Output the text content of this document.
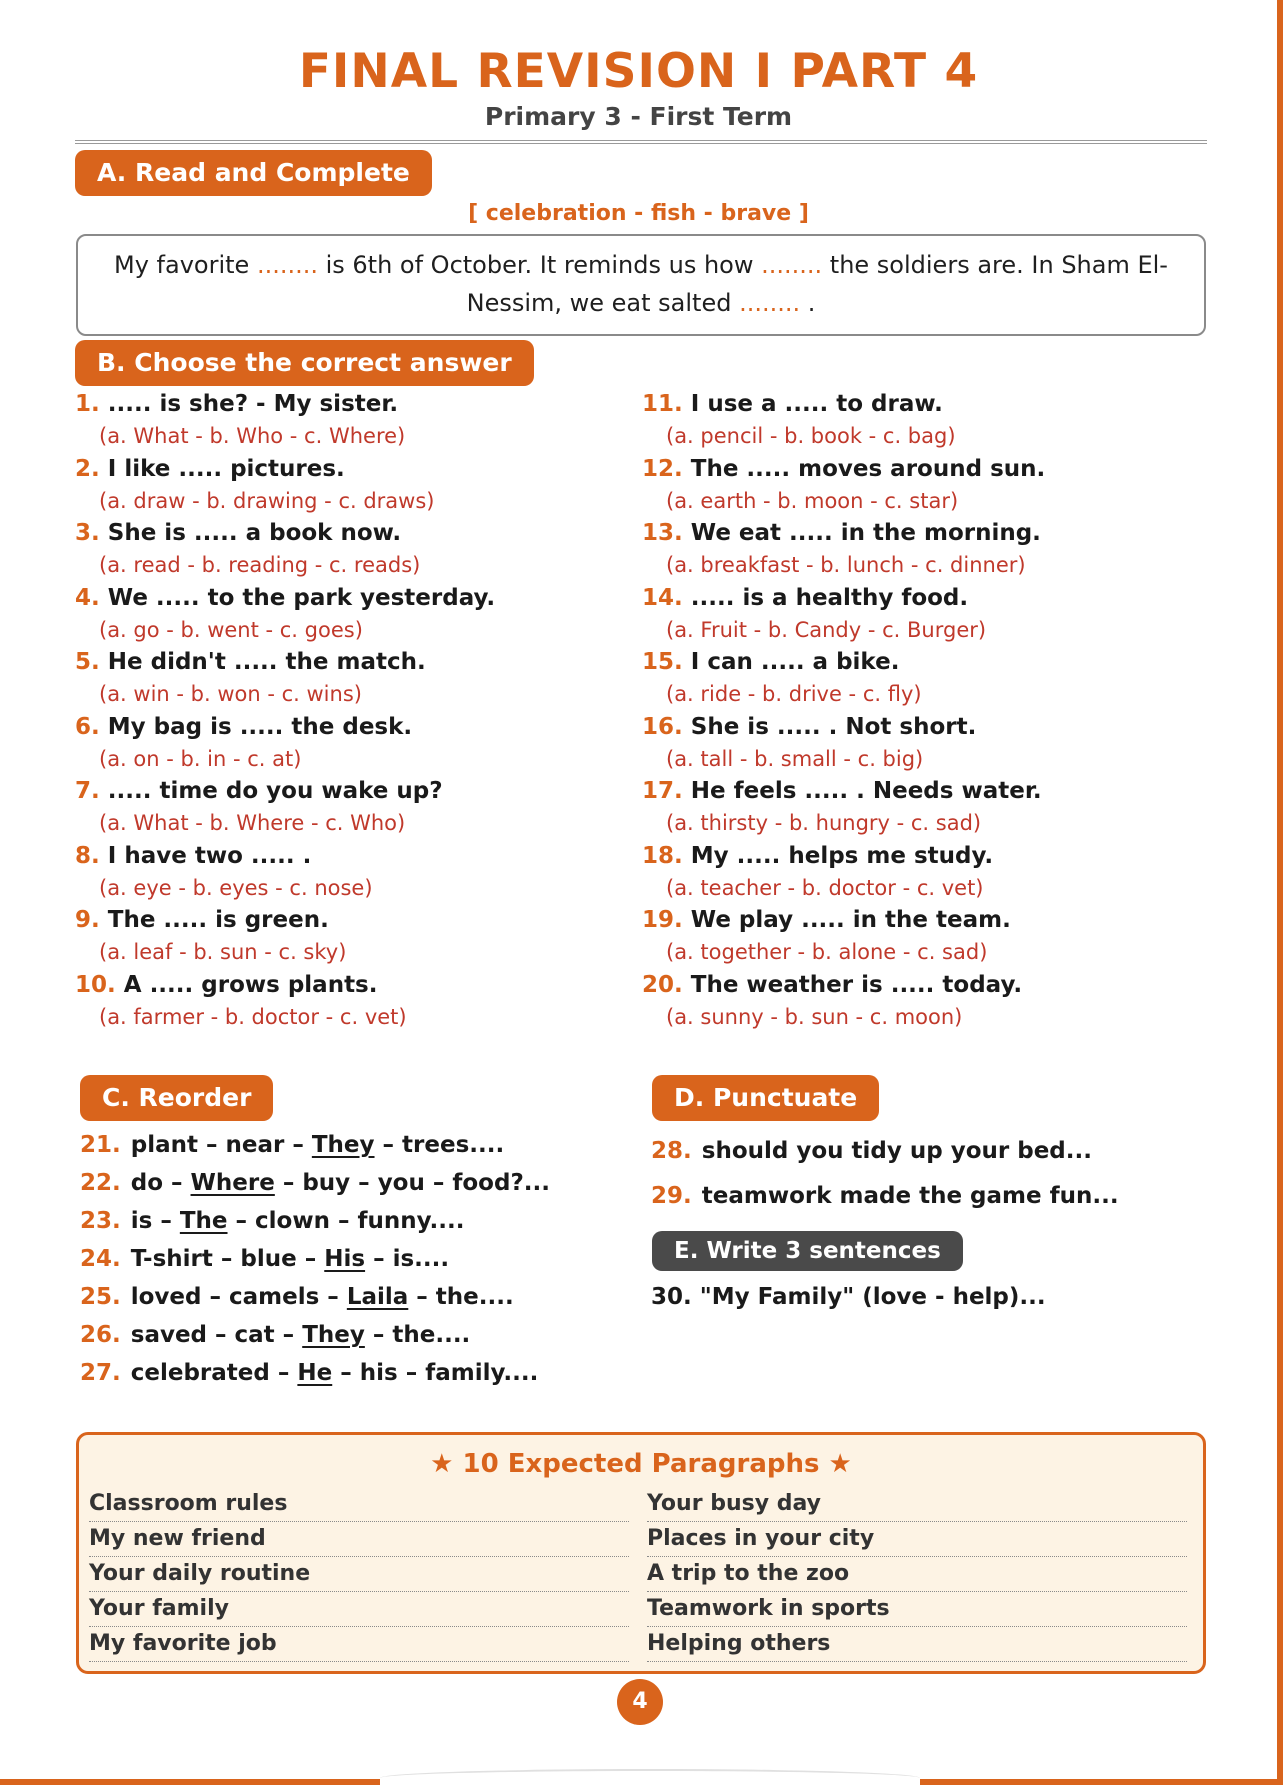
FINAL REVISION I PART 4
Primary 3 - First Term
A. Read and Complete
[ celebration - fish - brave ]
My favorite ........ is 6th of October. It reminds us how ........ the soldiers are. In Sham El-
Nessim, we eat salted ........ .
B. Choose the correct answer
1. ..... is she? - My sister.
(a. What - b. Who - c. Where)
2. I like ..... pictures.
(a. draw - b. drawing - c. draws)
3. She is ..... a book now.
(a. read - b. reading - c. reads)
4. We ..... to the park yesterday.
(a. go - b. went - c. goes)
5. He didn't ..... the match.
(a. win - b. won - c. wins)
6. My bag is ..... the desk.
(a. on - b. in - c. at)
7. ..... time do you wake up?
(a. What - b. Where - c. Who)
8. I have two ..... .
(a. eye - b. eyes - c. nose)
9. The ..... is green.
(a. leaf - b. sun - c. sky)
10. A ..... grows plants.
(a. farmer - b. doctor - c. vet)
11. I use a ..... to draw.
(a. pencil - b. book - c. bag)
12. The ..... moves around sun.
(a. earth - b. moon - c. star)
13. We eat ..... in the morning.
(a. breakfast - b. lunch - c. dinner)
14. ..... is a healthy food.
(a. Fruit - b. Candy - c. Burger)
15. I can ..... a bike.
(a. ride - b. drive - c. fly)
16. She is ..... . Not short.
(a. tall - b. small - c. big)
17. He feels ..... . Needs water.
(a. thirsty - b. hungry - c. sad)
18. My ..... helps me study.
(a. teacher - b. doctor - c. vet)
19. We play ..... in the team.
(a. together - b. alone - c. sad)
20. The weather is ..... today.
(a. sunny - b. sun - c. moon)
C. Reorder
21. plant – near – They – trees....
22. do – Where – buy – you – food?...
23. is – The – clown – funny....
24. T-shirt – blue – His – is....
25. loved – camels – Laila – the....
26. saved – cat – They – the....
27. celebrated – He – his – family....
D. Punctuate
28. should you tidy up your bed...
29. teamwork made the game fun...
E. Write 3 sentences
30. "My Family" (love - help)...
★ 10 Expected Paragraphs ★
Classroom rules	Your busy day
My new friend	Places in your city
Your daily routine	A trip to the zoo
Your family	Teamwork in sports
My favorite job	Helping others
4
